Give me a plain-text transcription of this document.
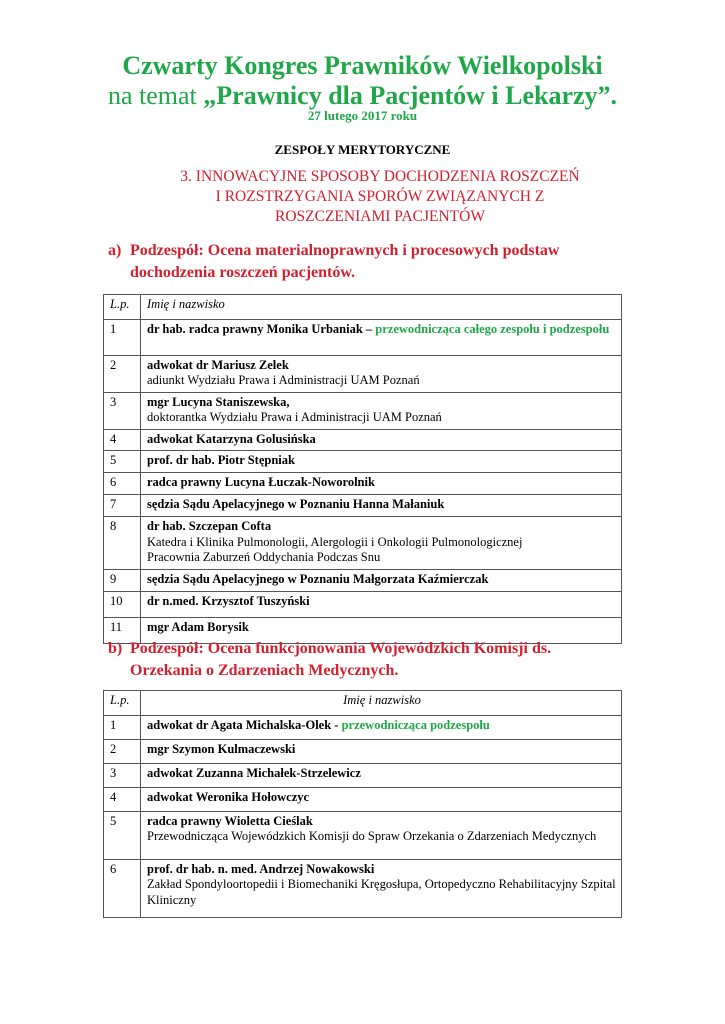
Czwarty Kongres Prawników Wielkopolski
na temat „Prawnicy dla Pacjentów i Lekarzy”.
27 lutego 2017 roku
ZESPOŁY MERYTORYCZNE
3. INNOWACYJNE SPOSOBY DOCHODZENIA ROSZCZEŃ
I ROZSTRZYGANIA SPORÓW ZWIĄZANYCH Z
ROSZCZENIAMI PACJENTÓW
a) Podzespół: Ocena materialnoprawnych i procesowych podstaw
dochodzenia roszczeń pacjentów.
L.p.	Imię i nazwisko
1	dr hab. radca prawny Monika Urbaniak – przewodnicząca całego zespołu i podzespołu
2	adwokat dr Mariusz Zelek
adiunkt Wydziału Prawa i Administracji UAM Poznań

3	mgr Lucyna Staniszewska,
doktorantka Wydziału Prawa i Administracji UAM Poznań

4	adwokat Katarzyna Golusińska
5	prof. dr hab. Piotr Stępniak
6	radca prawny Lucyna Łuczak-Noworolnik
7	sędzia Sądu Apelacyjnego w Poznaniu Hanna Małaniuk
8	dr hab. Szczepan Cofta
Katedra i Klinika Pulmonologii, Alergologii i Onkologii Pulmonologicznej
Pracownia Zaburzeń Oddychania Podczas Snu

9	sędzia Sądu Apelacyjnego w Poznaniu Małgorzata Kaźmierczak
10	dr n.med. Krzysztof Tuszyński
11	mgr Adam Borysik
b) Podzespół: Ocena funkcjonowania Wojewódzkich Komisji ds.
Orzekania o Zdarzeniach Medycznych.
L.p.	Imię i nazwisko
1	adwokat dr Agata Michalska-Olek - przewodnicząca podzespołu
2	mgr Szymon Kulmaczewski
3	adwokat Zuzanna Michałek-Strzelewicz
4	adwokat Weronika Hołowczyc
5	radca prawny Wioletta Cieślak
Przewodnicząca Wojewódzkich Komisji do Spraw Orzekania o Zdarzeniach Medycznych

6	prof. dr hab. n. med. Andrzej Nowakowski
Zakład Spondyloortopedii i Biomechaniki Kręgosłupa, Ortopedyczno Rehabilitacyjny Szpital Kliniczny
